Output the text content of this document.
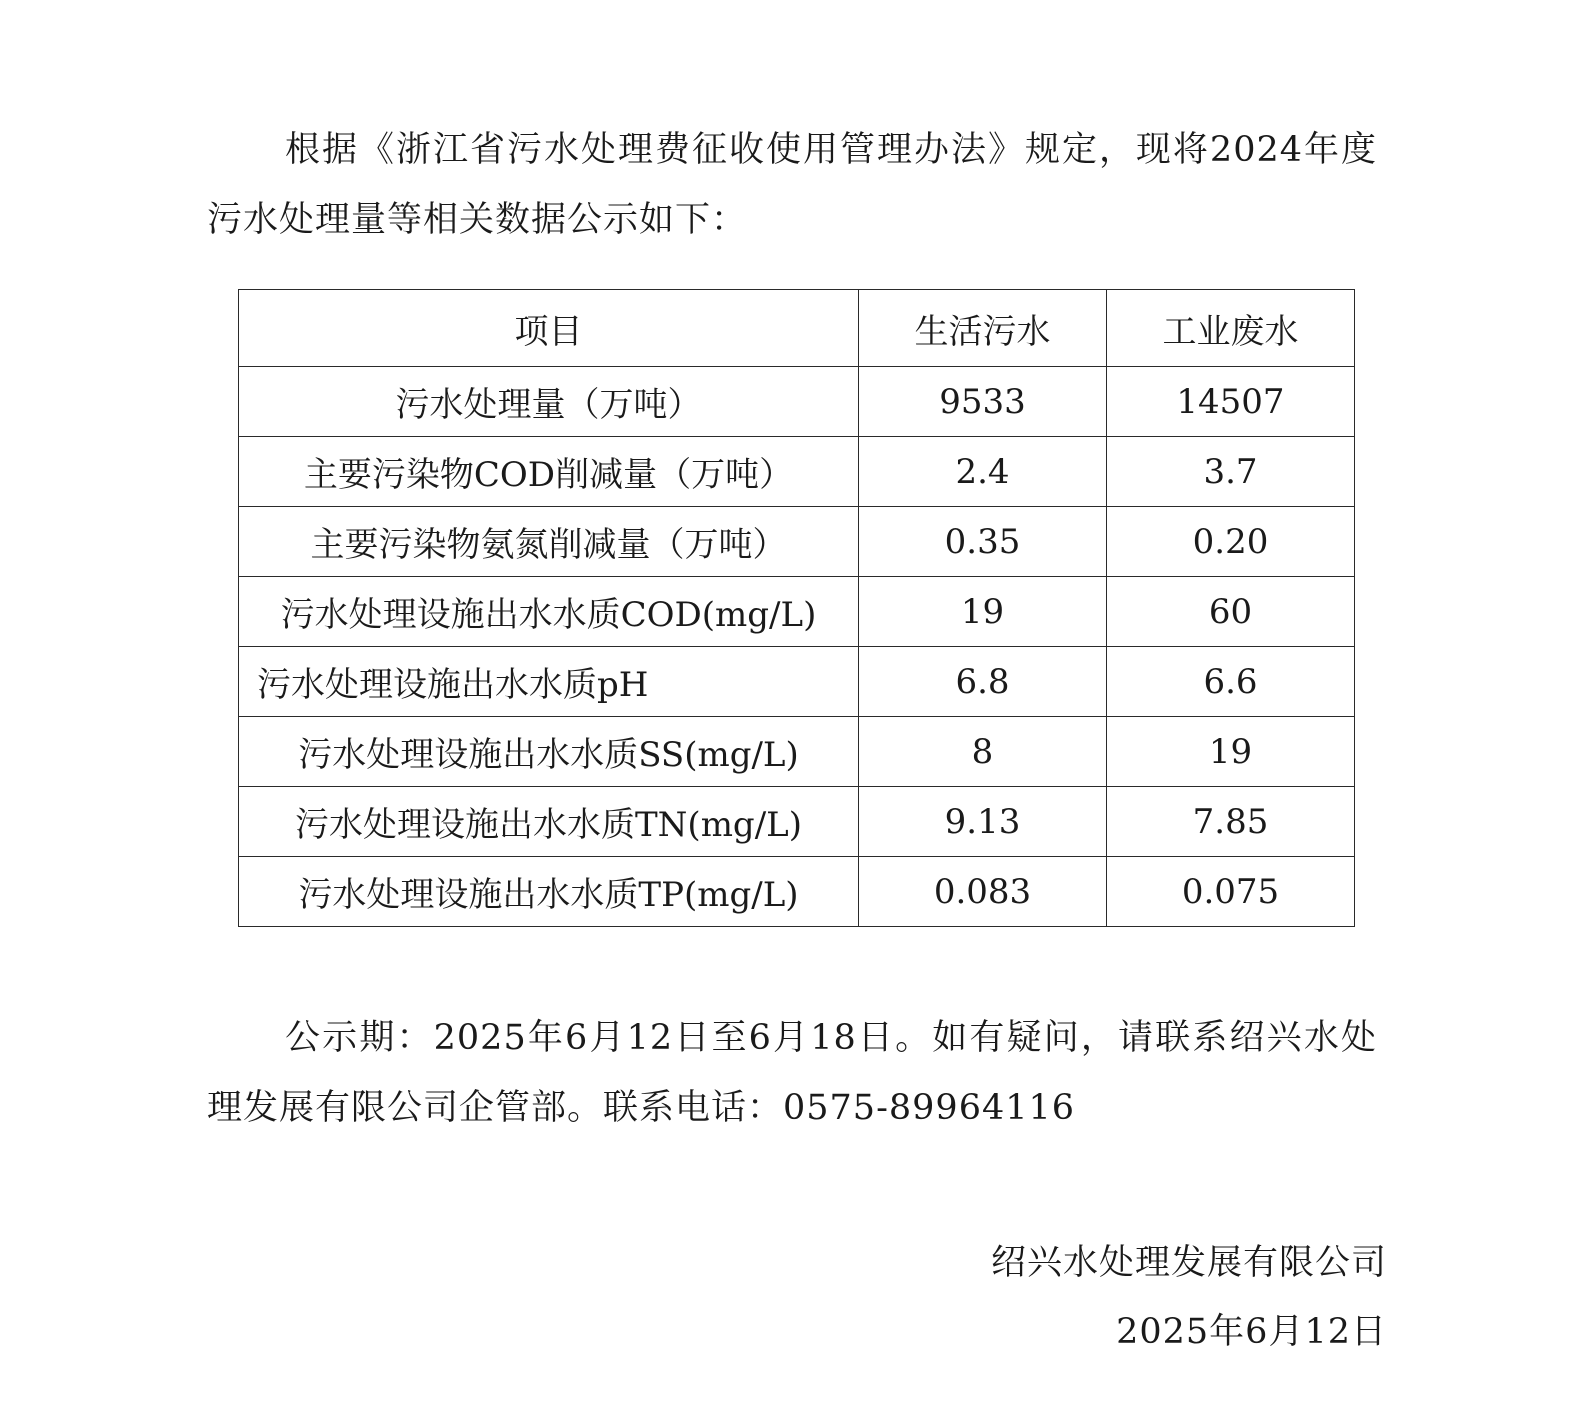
根据《浙江省污水处理费征收使用管理办法》规定，现将2024年度污水处理量等相关数据公示如下：

项目	生活污水	工业废水
污水处理量（万吨）	9533	14507
主要污染物COD削减量（万吨）	2.4	3.7
主要污染物氨氮削减量（万吨）	0.35	0.20
污水处理设施出水水质COD(mg/L)	19	60
污水处理设施出水水质pH	6.8	6.6
污水处理设施出水水质SS(mg/L)	8	19
污水处理设施出水水质TN(mg/L)	9.13	7.85
污水处理设施出水水质TP(mg/L)	0.083	0.075

公示期：2025年6月12日至6月18日。如有疑问，请联系绍兴水处理发展有限公司企管部。联系电话：0575-89964116

绍兴水处理发展有限公司
2025年6月12日
